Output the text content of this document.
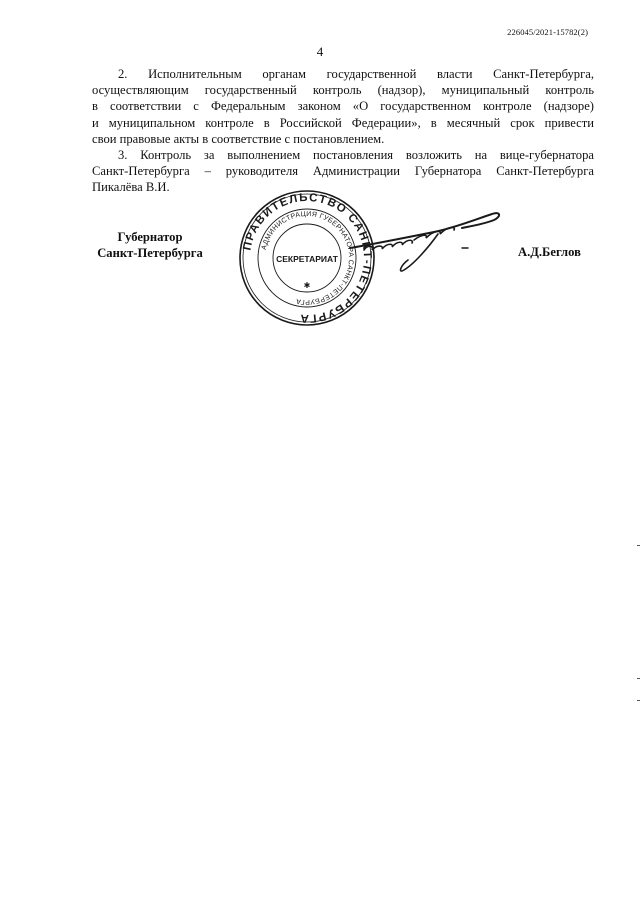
226045/2021-15782(2)
4
2. Исполнительным органам государственной власти Санкт-Петербурга,
осуществляющим государственный контроль (надзор), муниципальный контроль
в соответствии с Федеральным законом «О государственном контроле (надзоре)
и муниципальном контроле в Российской Федерации», в месячный срок привести
свои правовые акты в соответствие с постановлением.
3. Контроль за выполнением постановления возложить на вице-губернатора
Санкт-Петербурга – руководителя Администрации Губернатора Санкт-Петербурга
Пикалёва В.И.
Губернатор
Санкт-Петербурга
ПРАВИТЕЛЬСТВО САНКТ-ПЕТЕРБУРГА
АДМИНИСТРАЦИЯ ГУБЕРНАТОРА САНКТ-ПЕТЕРБУРГА
СЕКРЕТАРИАТ
✱
А.Д.Беглов
